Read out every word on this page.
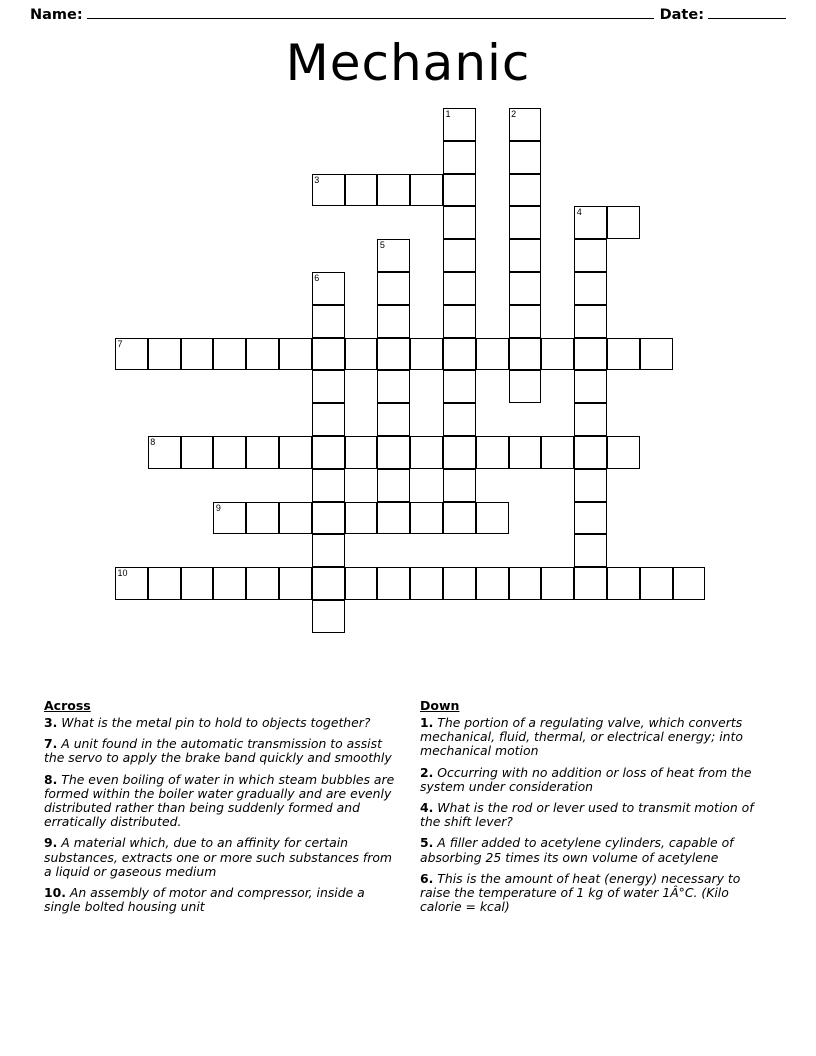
Name:	Date:
Mechanic
1	2
3
4
5
6
7
8
9
10
Across
3. What is the metal pin to hold to objects together?
7. A unit found in the automatic transmission to assist the servo to apply the brake band quickly and smoothly
8. The even boiling of water in which steam bubbles are formed within the boiler water gradually and are evenly distributed rather than being suddenly formed and erratically distributed.
9. A material which, due to an affinity for certain substances, extracts one or more such substances from a liquid or gaseous medium
10. An assembly of motor and compressor, inside a single bolted housing unit
Down
1. The portion of a regulating valve, which converts mechanical, fluid, thermal, or electrical energy; into mechanical motion
2. Occurring with no addition or loss of heat from the system under consideration
4. What is the rod or lever used to transmit motion of the shift lever?
5. A filler added to acetylene cylinders, capable of absorbing 25 times its own volume of acetylene
6. This is the amount of heat (energy) necessary to raise the temperature of 1 kg of water 1Â°C. (Kilo calorie = kcal)
